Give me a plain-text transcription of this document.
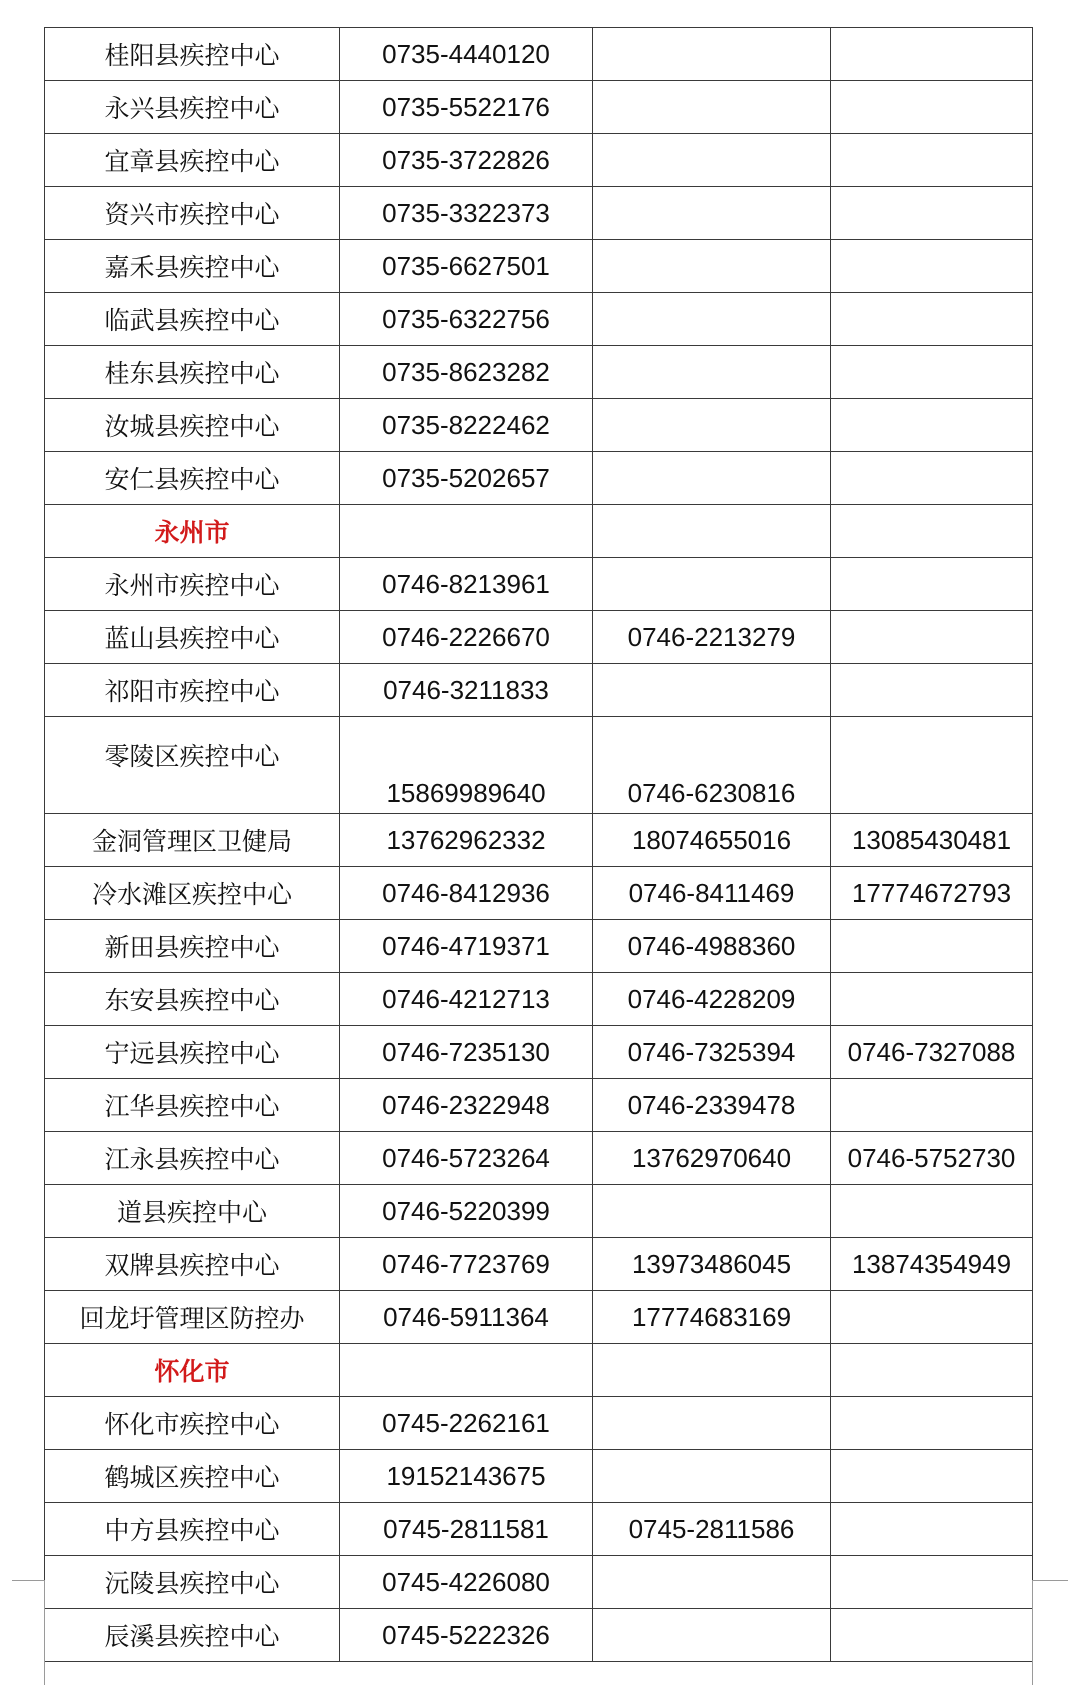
桂阳县疾控中心	0735-4440120		
永兴县疾控中心	0735-5522176		
宜章县疾控中心	0735-3722826		
资兴市疾控中心	0735-3322373		
嘉禾县疾控中心	0735-6627501		
临武县疾控中心	0735-6322756		
桂东县疾控中心	0735-8623282		
汝城县疾控中心	0735-8222462		
安仁县疾控中心	0735-5202657		
永州市			
永州市疾控中心	0746-8213961		
蓝山县疾控中心	0746-2226670	0746-2213279	
祁阳市疾控中心	0746-3211833		
零陵区疾控中心	15869989640	0746-6230816	
金洞管理区卫健局	13762962332	18074655016	13085430481
冷水滩区疾控中心	0746-8412936	0746-8411469	17774672793
新田县疾控中心	0746-4719371	0746-4988360	
东安县疾控中心	0746-4212713	0746-4228209	
宁远县疾控中心	0746-7235130	0746-7325394	0746-7327088
江华县疾控中心	0746-2322948	0746-2339478	
江永县疾控中心	0746-5723264	13762970640	0746-5752730
道县疾控中心	0746-5220399		
双牌县疾控中心	0746-7723769	13973486045	13874354949
回龙圩管理区防控办	0746-5911364	17774683169	
怀化市			
怀化市疾控中心	0745-2262161		
鹤城区疾控中心	19152143675		
中方县疾控中心	0745-2811581	0745-2811586	
沅陵县疾控中心	0745-4226080		
辰溪县疾控中心	0745-5222326		
